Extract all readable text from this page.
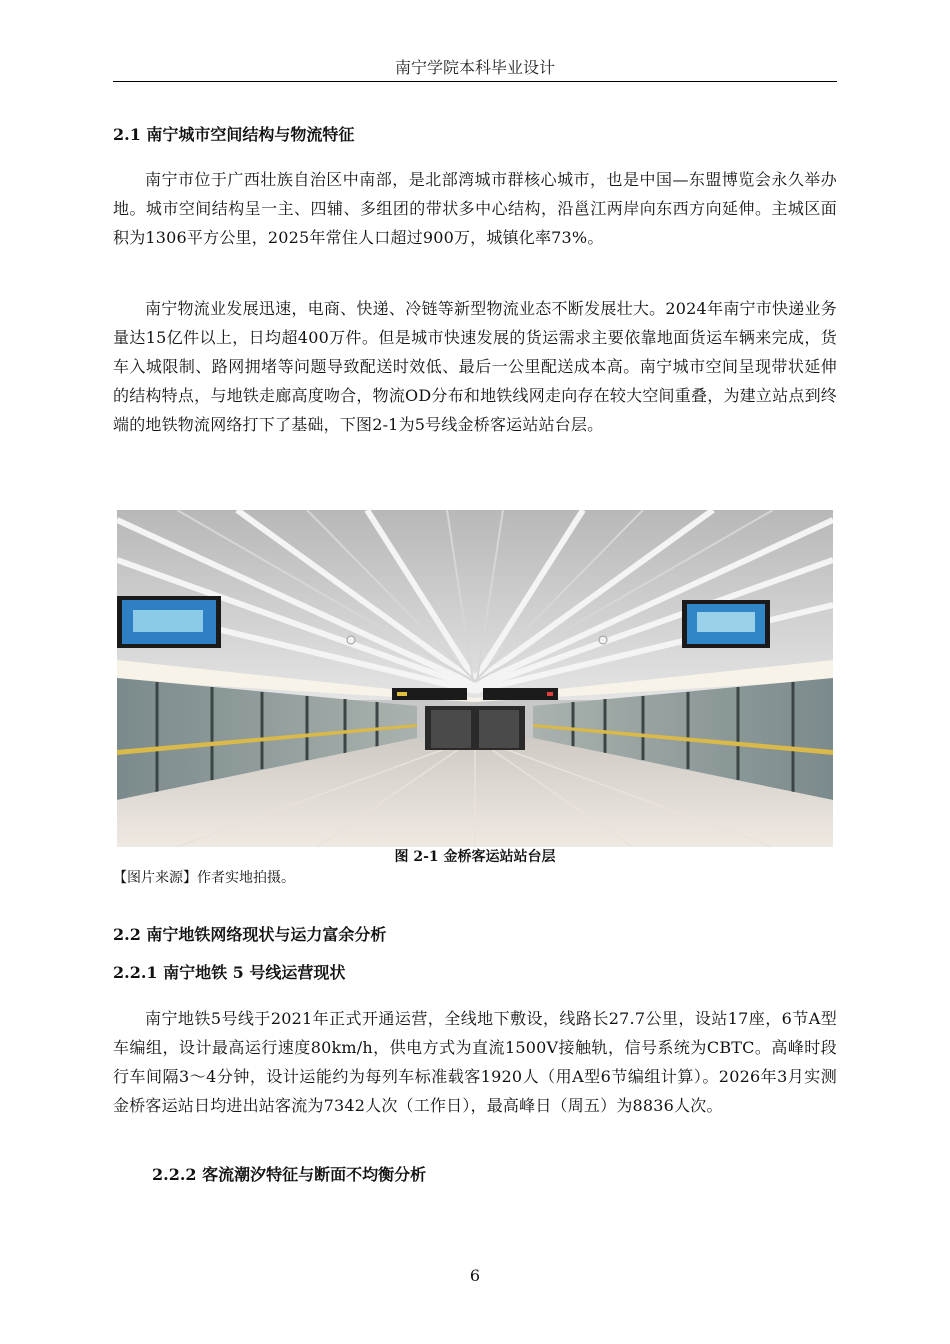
南宁学院本科毕业设计
2.1 南宁城市空间结构与物流特征

南宁市位于广西壮族自治区中南部，是北部湾城市群核心城市，也是中国—东盟博览会永久举办地。城市空间结构呈一主、四辅、多组团的带状多中心结构，沿邕江两岸向东西方向延伸。主城区面积为1306平方公里，2025年常住人口超过900万，城镇化率73%。

南宁物流业发展迅速，电商、快递、冷链等新型物流业态不断发展壮大。2024年南宁市快递业务量达15亿件以上，日均超400万件。但是城市快速发展的货运需求主要依靠地面货运车辆来完成，货车入城限制、路网拥堵等问题导致配送时效低、最后一公里配送成本高。南宁城市空间呈现带状延伸的结构特点，与地铁走廊高度吻合，物流OD分布和地铁线网走向存在较大空间重叠，为建立站点到终端的地铁物流网络打下了基础，下图2-1为5号线金桥客运站站台层。

图 2-1 金桥客运站站台层
【图片来源】作者实地拍摄。
2.2 南宁地铁网络现状与运力富余分析
2.2.1 南宁地铁 5 号线运营现状

南宁地铁5号线于2021年正式开通运营，全线地下敷设，线路长27.7公里，设站17座，6节A型车编组，设计最高运行速度80km/h，供电方式为直流1500V接触轨，信号系统为CBTC。高峰时段行车间隔3～4分钟，设计运能约为每列车标准载客1920人（用A型6节编组计算）。2026年3月实测金桥客运站日均进出站客流为7342人次（工作日），最高峰日（周五）为8836人次。

2.2.2 客流潮汐特征与断面不均衡分析
6
